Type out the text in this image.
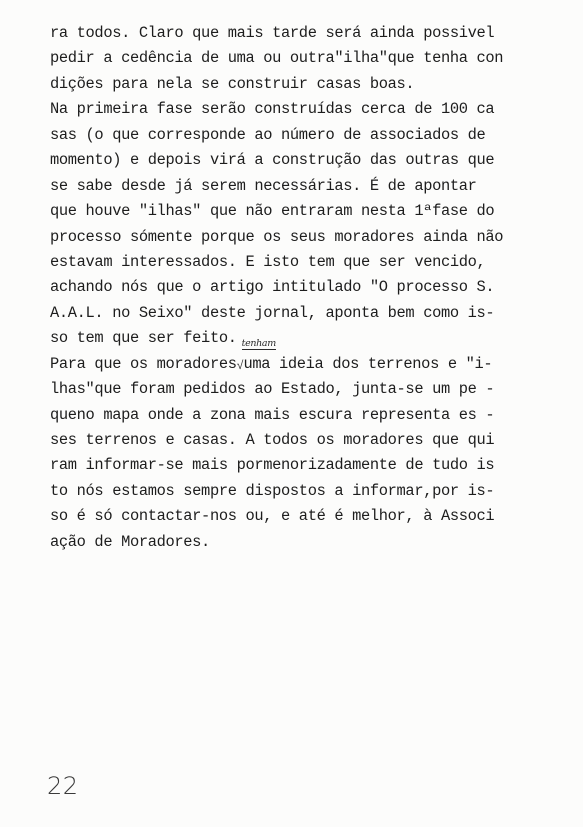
ra todos. Claro que mais tarde será ainda possivel
pedir a cedência de uma ou outra"ilha"que tenha con
dições para nela se construir casas boas.
Na primeira fase serão construídas cerca de 100 ca
sas (o que corresponde ao número de associados de
momento) e depois virá a construção das outras que
se sabe desde já serem necessárias. É de apontar
que houve "ilhas" que não entraram nesta 1ªfase do
processo sómente porque os seus moradores ainda não
estavam interessados. E isto tem que ser vencido,
achando nós que o artigo intitulado "O processo S.
A.A.L. no Seixo" deste jornal, aponta bem como is-
so tem que ser feito.
Para que os moradores√
tenham
uma ideia dos terrenos e "i-
lhas"que foram pedidos ao Estado, junta-se um pe -
queno mapa onde a zona mais escura representa es -
ses terrenos e casas. A todos os moradores que qui
ram informar-se mais pormenorizadamente de tudo is
to nós estamos sempre dispostos a informar,por is-
so é só contactar-nos ou, e até é melhor, à Associ
ação de Moradores.
22
